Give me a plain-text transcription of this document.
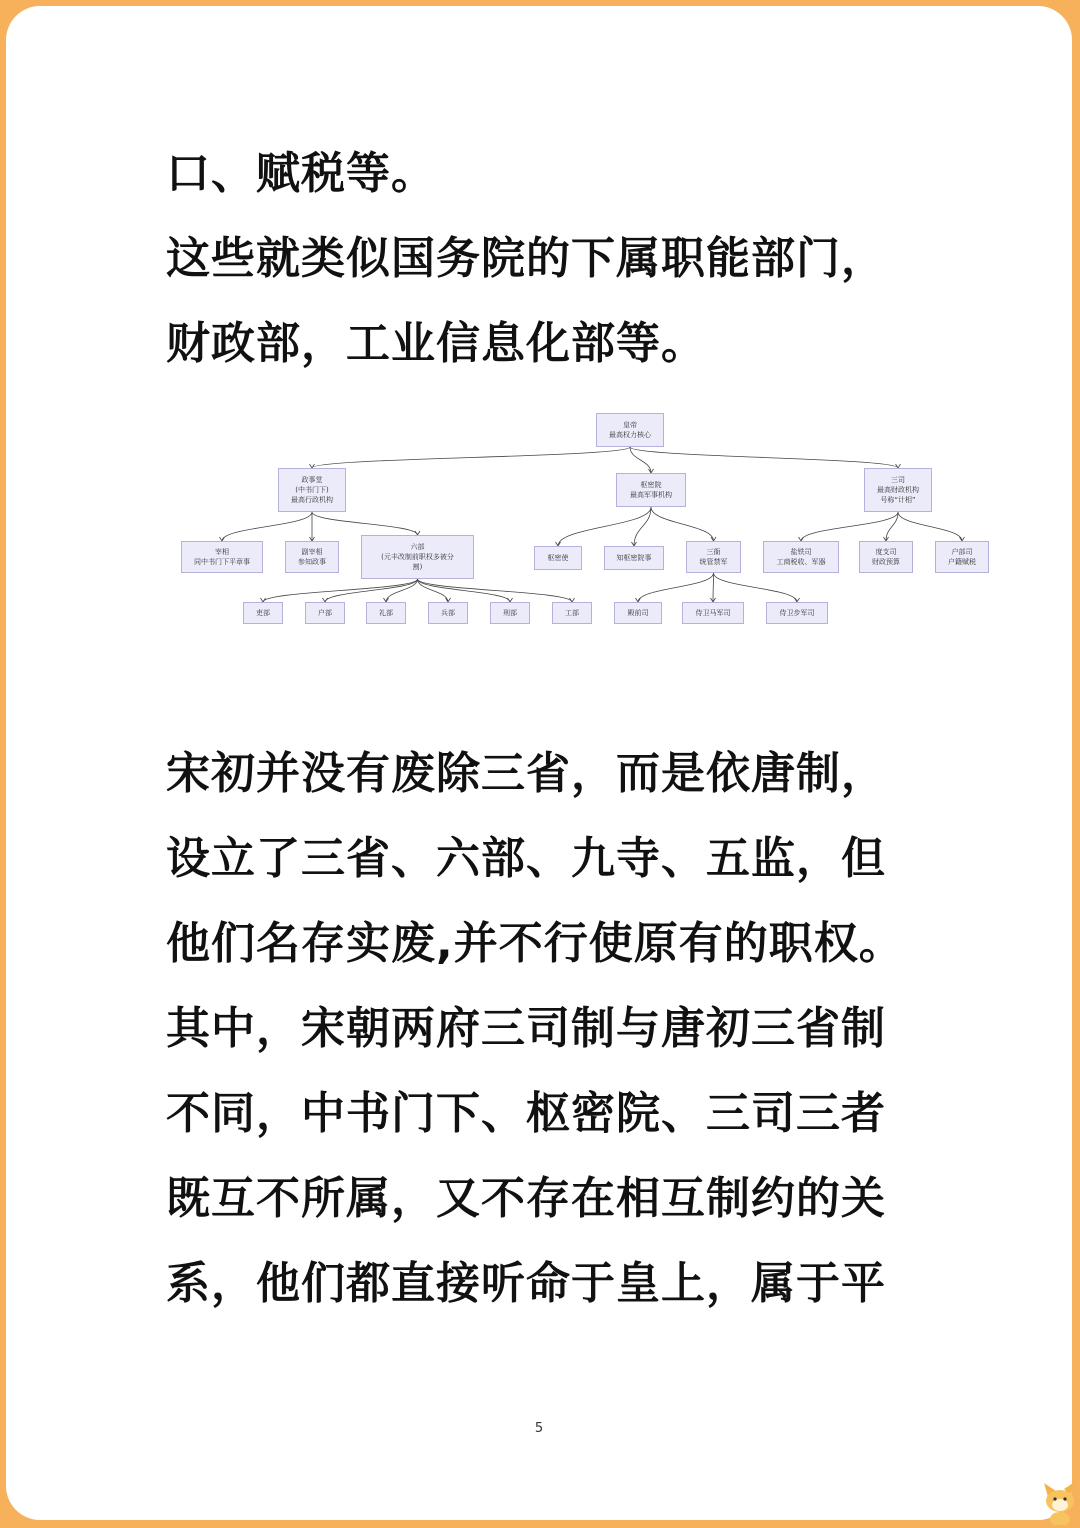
口、赋税等。
这些就类似国务院的下属职能部门，
财政部，工业信息化部等。
皇帝
最高权力核心
政事堂
(中书门下)
最高行政机构
枢密院
最高军事机构
三司
最高财政机构
号称“计相”
宰相
同中书门下平章事
副宰相
参知政事
六部
(元丰改制前职权多被分
割)
枢密使	知枢密院事
三衙
统管禁军
盐铁司
工商税收、军器
度支司
财政预算
户部司
户籍赋税
吏部	户部	礼部	兵部	刑部	工部	殿前司	侍卫马军司	侍卫步军司
宋初并没有废除三省，而是依唐制，
设立了三省、六部、九寺、五监，但
他们名存实废,并不行使原有的职权。
其中，宋朝两府三司制与唐初三省制
不同，中书门下、枢密院、三司三者
既互不所属，又不存在相互制约的关
系，他们都直接听命于皇上，属于平
5
